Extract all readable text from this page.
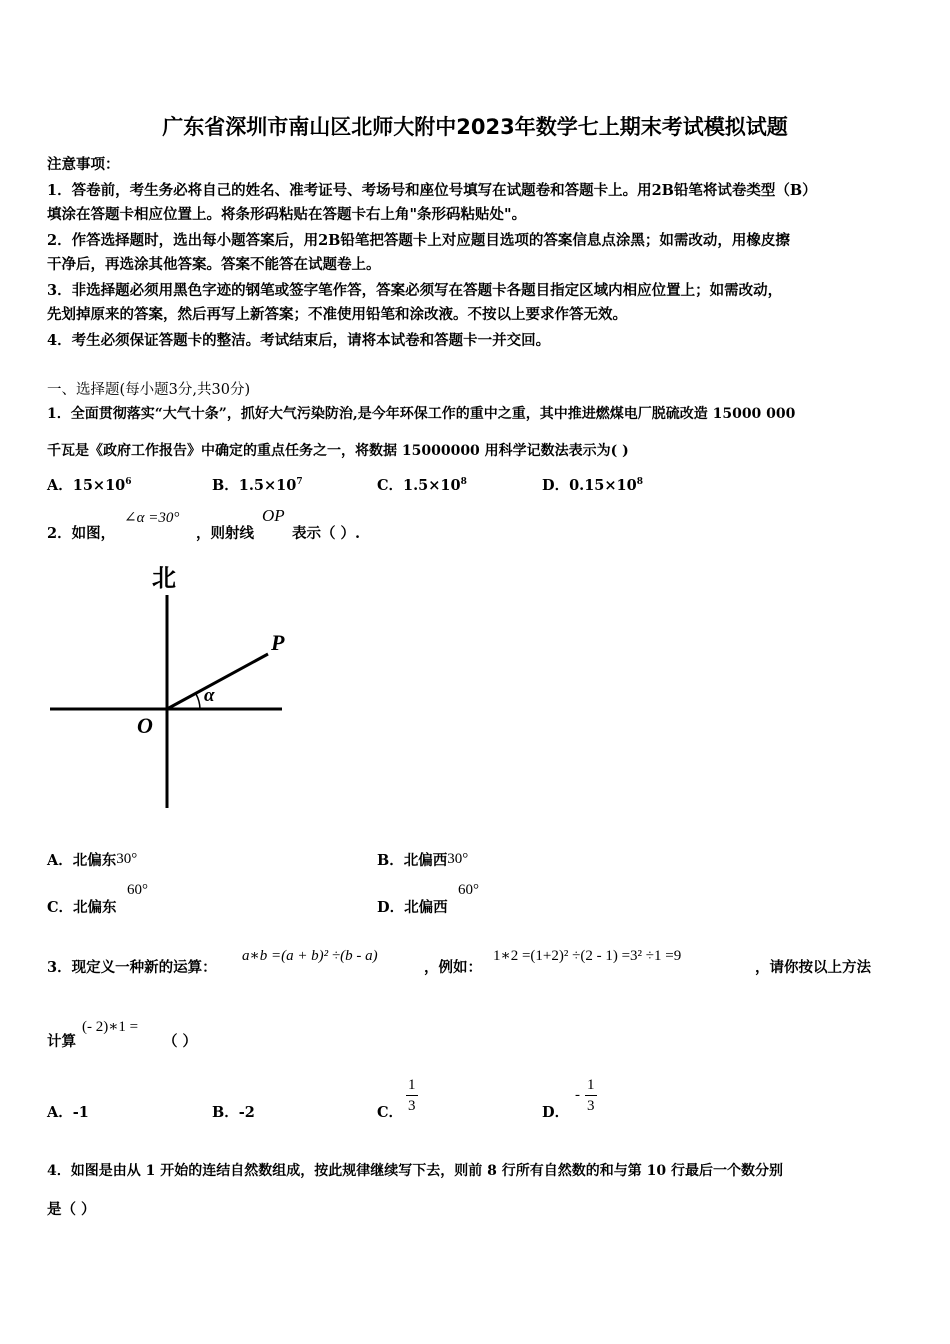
广东省深圳市南山区北师大附中2023年数学七上期末考试模拟试题
注意事项：
1．答卷前，考生务必将自己的姓名、准考证号、考场号和座位号填写在试题卷和答题卡上。用2B铅笔将试卷类型（B）
填涂在答题卡相应位置上。将条形码粘贴在答题卡右上角"条形码粘贴处"。
2．作答选择题时，选出每小题答案后，用2B铅笔把答题卡上对应题目选项的答案信息点涂黑；如需改动，用橡皮擦
干净后，再选涂其他答案。答案不能答在试题卷上。
3．非选择题必须用黑色字迹的钢笔或签字笔作答，答案必须写在答题卡各题目指定区域内相应位置上；如需改动，
先划掉原来的答案，然后再写上新答案；不准使用铅笔和涂改液。不按以上要求作答无效。
4．考生必须保证答题卡的整洁。考试结束后，请将本试卷和答题卡一并交回。
一、选择题(每小题3分,共30分)
1．全面贯彻落实“大气十条”，抓好大气污染防治,是今年环保工作的重中之重，其中推进燃煤电厂脱硫改造 15000 000
千瓦是《政府工作报告》中确定的重点任务之一，将数据 15000000 用科学记数法表示为( )
A．$15\times 10^6$	B．$1.5\times 10^7$	C．$1.5\times 10^8$	D．$0.15\times 10^8$
2．如图，
∠α =30°
，则射线
OP
表示（ ）.
北
P
O
α
A．北偏东30°	B．北偏西30°
C．北偏东
60°
D．北偏西
60°
3．现定义一种新的运算：
a∗b =(a + b)² ÷(b - a)
，例如：
1∗2 =(1+2)² ÷(2 - 1) =3² ÷1 =9
，请你按以上方法
计算
(- 2)∗1 =
（ ）
A．-1	B．-2	C． $\frac{1}{3}$	D．
- $\frac{1}{3}$
4．如图是由从 1 开始的连结自然数组成，按此规律继续写下去，则前 8 行所有自然数的和与第 10 行最后一个数分别
是（ ）
